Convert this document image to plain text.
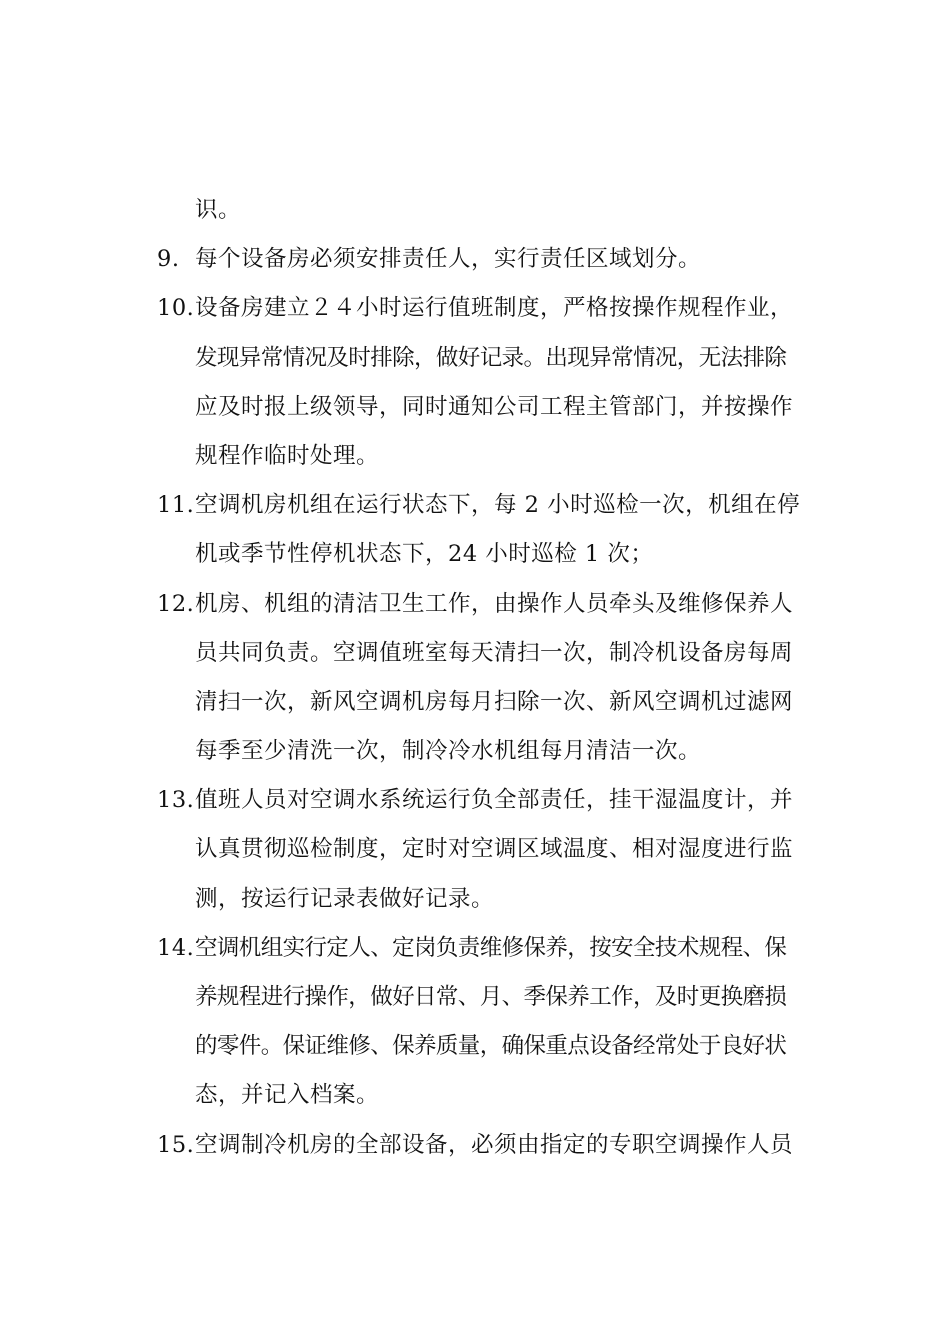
识。
9. 每个设备房必须安排责任人，实行责任区域划分。
10.设备房建立２４小时运行值班制度，严格按操作规程作业，
发现异常情况及时排除，做好记录。出现异常情况，无法排除
应及时报上级领导，同时通知公司工程主管部门，并按操作
规程作临时处理。
11.空调机房机组在运行状态下，每 2 小时巡检一次，机组在停
机或季节性停机状态下，24 小时巡检 1 次；
12.机房、机组的清洁卫生工作，由操作人员牵头及维修保养人
员共同负责。空调值班室每天清扫一次，制冷机设备房每周
清扫一次，新风空调机房每月扫除一次、新风空调机过滤网
每季至少清洗一次，制冷冷水机组每月清洁一次。
13.值班人员对空调水系统运行负全部责任，挂干湿温度计，并
认真贯彻巡检制度，定时对空调区域温度、相对湿度进行监
测，按运行记录表做好记录。
14.空调机组实行定人、定岗负责维修保养，按安全技术规程、保
养规程进行操作，做好日常、月、季保养工作，及时更换磨损
的零件。保证维修、保养质量，确保重点设备经常处于良好状
态，并记入档案。
15.空调制冷机房的全部设备，必须由指定的专职空调操作人员
